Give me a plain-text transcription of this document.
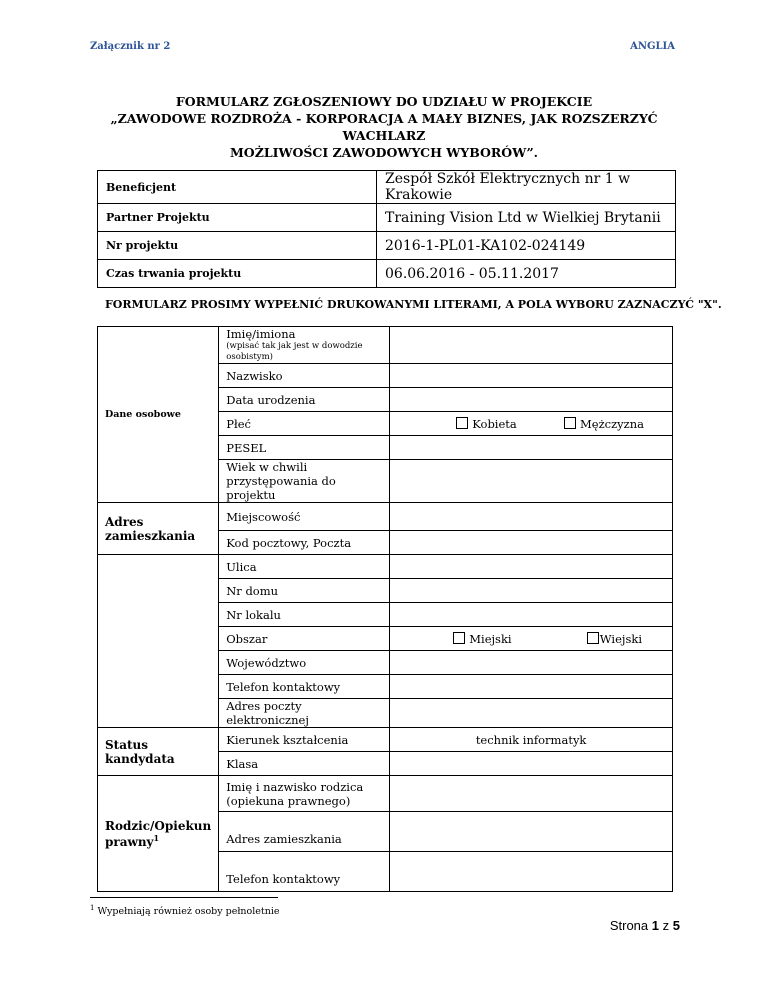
Załącznik nr 2	ANGLIA
FORMULARZ ZGŁOSZENIOWY DO UDZIAŁU W PROJEKCIE
„ZAWODOWE ROZDROŻA - KORPORACJA A MAŁY BIZNES, JAK ROZSZERZYĆ WACHLARZ
MOŻLIWOŚCI ZAWODOWYCH WYBORÓW”.
Beneficjent	Zespół Szkół Elektrycznych nr 1 w Krakowie
Partner Projektu	Training Vision Ltd w Wielkiej Brytanii
Nr projektu	2016-1-PL01-KA102-024149
Czas trwania projektu	06.06.2016 - 05.11.2017
FORMULARZ PROSIMY WYPEŁNIĆ DRUKOWANYMI LITERAMI, A POLA WYBORU ZAZNACZYĆ "X".
Dane osobowe	Imię/imiona
(wpisać tak jak jest w dowodzie osobistym)	

	Nazwisko	
	Data urodzenia	
	Płeć	Kobieta Mężczyzna

	PESEL	
	Wiek w chwili przystępowania do projektu	
Adres zamieszkania	Miejscowość	
	Kod pocztowy, Poczta	
	Ulica	
	Nr domu	
	Nr lokalu	
	Obszar	Miejski Wiejski

	Województwo	
	Telefon kontaktowy	
	Adres poczty elektronicznej	
Status kandydata	Kierunek kształcenia	technik informatyk
	Klasa	
Rodzic/Opiekun prawny$^1$	Imię i nazwisko rodzica (opiekuna prawnego)	
	Adres zamieszkania	
	Telefon kontaktowy	
$^1$ Wypełniają również osoby pełnoletnie
Strona 1 z 5
